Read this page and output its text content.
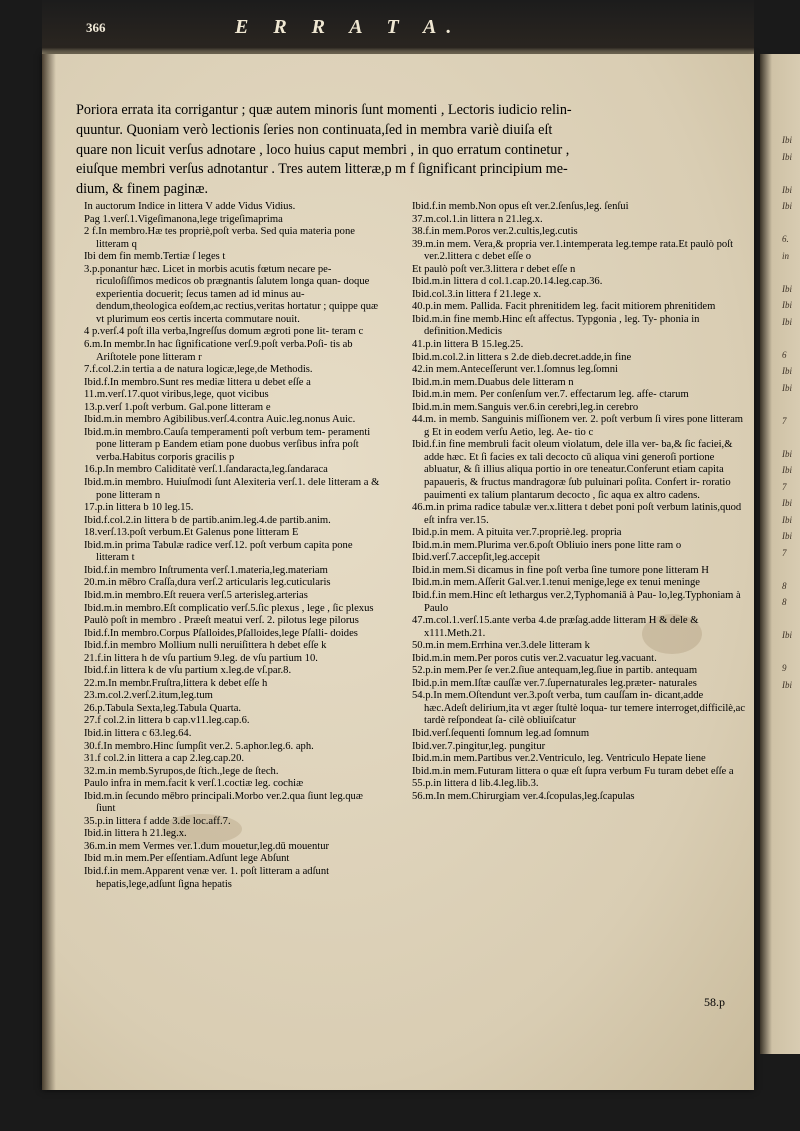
366	E R R A T A.

Poriora errata ita corrigantur ; quæ autem minoris ſunt momenti , Lectoris iudicio relin-

quuntur. Quoniam verò lectionis ſeries non continuata,ſed in membra variè diuiſa eſt

quare non licuit verſus adnotare , loco huius caput membri , in quo erratum continetur ,

eiuſque membri verſus adnotantur . Tres autem litteræ,p m f ſignificant principium me-

dium, & finem paginæ.

In auctorum Indice in littera V adde Vidus Vidius.

Pag 1.verſ.1.Vigeſimanona,lege trigeſimaprima

2 f.In membro.Hæ tes propriè,poſt verba. Sed quia materia pone litteram q

Ibi dem fin memb.Tertiæ ſ leges t

3.p.ponantur hæc. Licet in morbis acutis fœtum necare pe- riculoſiſſimos medicos ob prægnantis ſalutem longa quan- doque experientia docuerit; ſecus tamen ad id minus au- dendum,theologica eoſdem,ac rectius,veritas hortatur ; quippe quæ vt plurimum eos certis incerta commutare nouit.

4 p.verſ.4 poſt illa verba,Ingreſſus domum ægroti pone lit- teram c

6.m.In membr.In hac ſignificatione verſ.9.poſt verba.Poſi- tis ab Ariſtotele pone litteram r

7.f.col.2.in tertia a de natura logicæ,lege,de Methodis.

Ibid.f.In membro.Sunt res mediæ littera u debet eſſe a

11.m.verſ.17.quot viribus,lege, quot vicibus

13.p.verſ 1.poſt verbum. Gal.pone litteram e

Ibid.m.in membro Agibilibus.verſ.4.contra Auic.leg.nonus Auic.

Ibid.m.in membro.Cauſa temperamenti poſt verbum tem- peramenti pone litteram p Eandem etiam pone duobus verſibus infra poſt verba.Habitus corporis gracilis p

16.p.In membro Caliditatè verſ.1.ſandaracta,leg.ſandaraca

Ibid.m.in membro. Huiuſmodi ſunt Alexiteria verſ.1. dele litteram a & pone litteram n

17.p.in littera b 10 leg.15.

Ibid.f.col.2.in littera b de partib.anim.leg.4.de partib.anim.

18.verſ.13.poſt verbum.Et Galenus pone litteram E

Ibid.m.in prima Tabulæ radice verſ.12. poſt verbum capita pone litteram t

Ibid.f.in membro Inſtrumenta verſ.1.materia,leg.materiam

20.m.in mēbro Craſſa,dura verſ.2 articularis leg.cuticularis

Ibid.m.in membro.Eſt reuera verſ.5 arterisleg.arterias

Ibid.m.in membro.Eſt complicatio verſ.5.ſic plexus , lege , ſic plexus

Paulò poſt in membro . Præeſt meatui verſ. 2. pilotus lege pilorus

Ibid.f.In membro.Corpus Pſalloides,Pſalloides,lege Pſalli- doides

Ibid.f.in membro Mollium nulli neruiſittera h debet eſſe k

21.f.in littera h de vſu partium 9.leg. de vſu partium 10.

Ibid.f.in littera k de vſu partium x.leg.de vſ.par.8.

22.m.In membr.Fruſtra,littera k debet eſſe h

23.m.col.2.verſ.2.itum,leg.tum

26.p.Tabula Sexta,leg.Tabula Quarta.

27.f col.2.in littera b cap.v11.leg.cap.6.

Ibid.in littera c 63.leg.64.

30.f.In membro.Hinc ſumpſit ver.2. 5.aphor.leg.6. aph.

31.f col.2.in littera a cap 2.leg.cap.20.

32.m.in memb.Syrupos,de ſtich.,lege de ſtech.

Paulo infra in mem.facit k verſ.1.coctiæ leg. cochiæ

Ibid.m.in ſecundo mēbro principali.Morbo ver.2.qua ſiunt leg.quæ ſiunt

35.p.in littera f adde 3.de loc.aff.7.

Ibid.in littera h 21.leg.x.

36.m.in mem Vermes ver.1.dum mouetur,leg.dū mouentur

Ibid m.in mem.Per eſſentiam.Adſunt lege Abſunt

Ibid.f.in mem.Apparent venæ ver. 1. poſt litteram a adſunt hepatis,lege,adſunt ſigna hepatis

Ibid.f.in memb.Non opus eſt ver.2.ſenſus,leg. ſenſui

37.m.col.1.in littera n 21.leg.x.

38.f.in mem.Poros ver.2.cultis,leg.cutis

39.m.in mem. Vera,& propria ver.1.intemperata leg.tempe rata.Et paulò poſt ver.2.littera c debet eſſe o

Et paulò poſt ver.3.littera r debet eſſe n

Ibid.m.in littera d col.1.cap.20.14.leg.cap.36.

Ibid.col.3.in littera f 21.lege x.

40.p.in mem. Pallida. Facit phrenitidem leg. facit mitiorem phrenitidem

Ibid.m.in fine memb.Hinc eſt affectus. Typgonia , leg. Ty- phonia in definition.Medicis

41.p.in littera B 15.leg.25.

Ibid.m.col.2.in littera s 2.de dieb.decret.adde,in fine

42.in mem.Anteceſſerunt ver.1.ſomnus leg.ſomni

Ibid.m.in mem.Duabus dele litteram n

Ibid.m.in mem. Per conſenſum ver.7. effectarum leg. affe- ctarum

Ibid.m.in mem.Sanguis ver.6.in cerebri,leg.in cerebro

44.m. in memb. Sanguinis miſſionem ver. 2. poſt verbum ſi vires pone litteram g Et in eodem verſu Aetio, leg. Ae- tio c

Ibid.f.in fine membruli facit oleum violatum, dele illa ver- ba,& ſic faciei,& adde hæc. Et ſi facies ex tali decocto cū aliqua vini generoſi portione abluatur, & ſi illius aliqua portio in ore teneatur.Conferunt etiam capita papaueris, & fructus mandragoræ ſub puluinari poſita. Confert ir- roratio pauimenti ex talium plantarum decocto , ſic aqua ex altro cadens.

46.m.in prima radice tabulæ ver.x.littera t debet poni poſt verbum latinis,quod eſt infra ver.15.

Ibid.p.in mem. A pituita ver.7.propriè.leg. propria

Ibid.m.in mem.Plurima ver.6.poſt Obliuio iners pone litte ram o

Ibid.verſ.7.accepſit,leg.accepit

Ibid.in mem.Si dicamus in fine poſt verba ſine tumore pone litteram H

Ibid.m.in mem.Aſſerit Gal.ver.1.tenui menige,lege ex tenui meninge

Ibid.f.in mem.Hinc eſt lethargus ver.2,Typhomaniā à Pau- lo,leg.Typhoniam à Paulo

47.m.col.1.verſ.15.ante verba 4.de præſag.adde litteram H & dele & x111.Meth.21.

50.m.in mem.Errhina ver.3.dele litteram k

Ibid.m.in mem.Per poros cutis ver.2.vacuatur leg.vacuant.

52.p.in mem.Per ſe ver.2.ſiue antequam,leg.ſiue in partib. antequam

Ibid.p.in mem.Iſtæ cauſſæ ver.7.ſupernaturales leg.præter- naturales

54.p.In mem.Oſtendunt ver.3.poſt verba, tum cauſſam in- dicant,adde hæc.Adeſt delirium,ita vt æger ſtultè loqua- tur temere interroget,difficilè,ac tardè reſpondeat ſa- cilè obliuiſcatur

Ibid.verſ.ſequenti ſomnum leg.ad ſomnum

Ibid.ver.7.pingitur,leg. pungitur

Ibid.m.in mem.Partibus ver.2.Ventriculo, leg. Ventriculo Hepate liene

Ibid.m.in mem.Futuram littera o quæ eſt ſupra verbum Fu turam debet eſſe a

55.p.in littera d lib.4.leg.lib.3.

56.m.In mem.Chirurgiam ver.4.ſcopulas,leg.ſcapulas

58.p
Ibi
Ibi

Ibi
Ibi

6.
in

Ibi
Ibi
Ibi

6
Ibi
Ibi

7

Ibi
Ibi
7
Ibi
Ibi
Ibi
7

8
8

Ibi

9
Ibi
